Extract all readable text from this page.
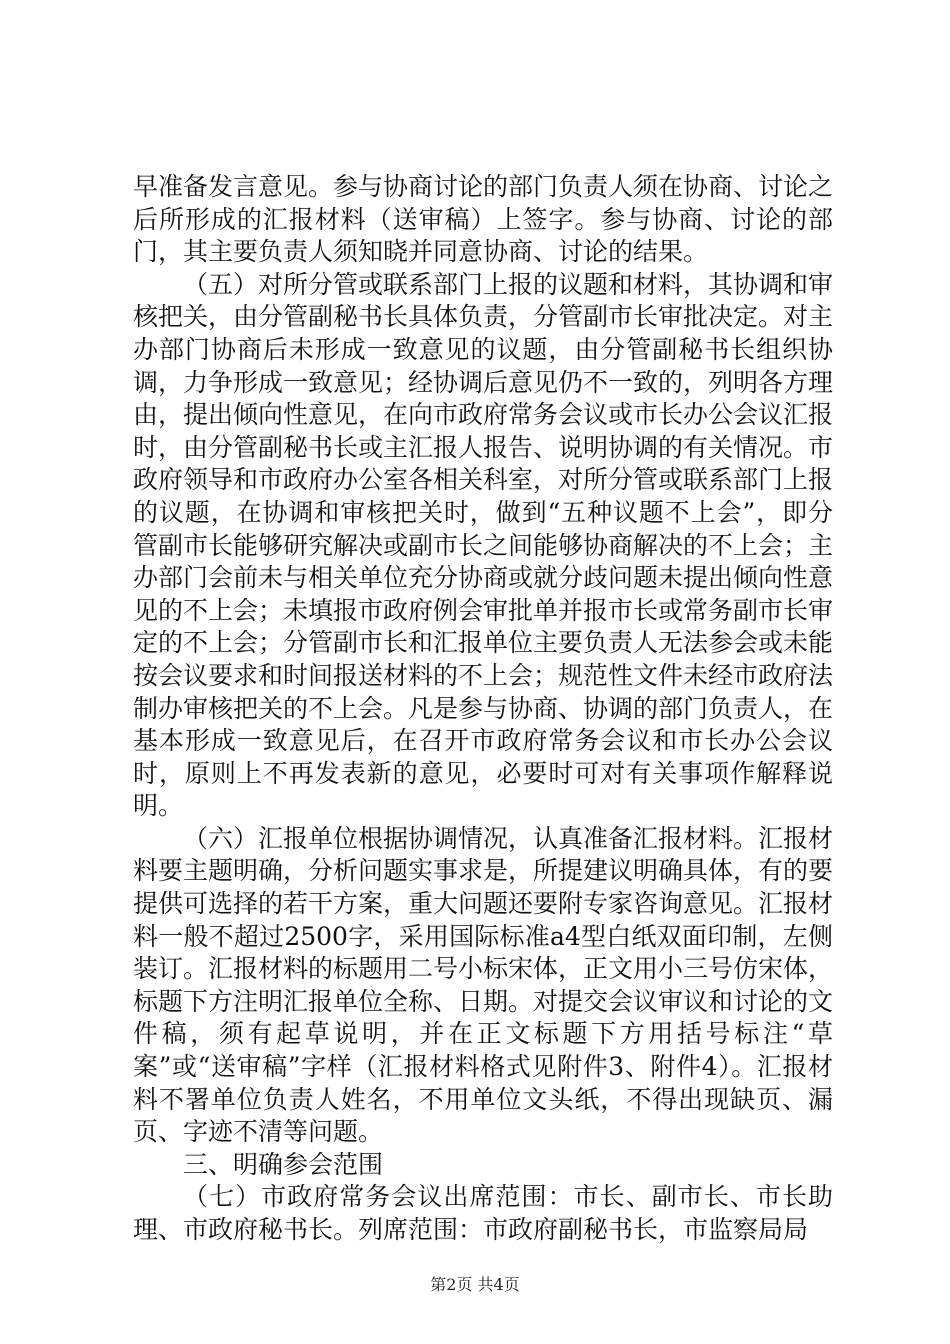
早准备发言意见。参与协商讨论的部门负责人须在协商、讨论之后所形成的汇报材料（送审稿）上签字。参与协商、讨论的部门，其主要负责人须知晓并同意协商、讨论的结果。

（五）对所分管或联系部门上报的议题和材料，其协调和审核把关，由分管副秘书长具体负责，分管副市长审批决定。对主办部门协商后未形成一致意见的议题，由分管副秘书长组织协调，力争形成一致意见；经协调后意见仍不一致的，列明各方理由，提出倾向性意见，在向市政府常务会议或市长办公会议汇报时，由分管副秘书长或主汇报人报告、说明协调的有关情况。市政府领导和市政府办公室各相关科室，对所分管或联系部门上报的议题，在协调和审核把关时，做到“五种议题不上会”，即分管副市长能够研究解决或副市长之间能够协商解决的不上会；主办部门会前未与相关单位充分协商或就分歧问题未提出倾向性意见的不上会；未填报市政府例会审批单并报市长或常务副市长审定的不上会；分管副市长和汇报单位主要负责人无法参会或未能按会议要求和时间报送材料的不上会；规范性文件未经市政府法制办审核把关的不上会。凡是参与协商、协调的部门负责人，在基本形成一致意见后，在召开市政府常务会议和市长办公会议时，原则上不再发表新的意见，必要时可对有关事项作解释说明。

（六）汇报单位根据协调情况，认真准备汇报材料。汇报材料要主题明确，分析问题实事求是，所提建议明确具体，有的要提供可选择的若干方案，重大问题还要附专家咨询意见。汇报材料一般不超过2500字，采用国际标准a4型白纸双面印制，左侧装订。汇报材料的标题用二号小标宋体，正文用小三号仿宋体，标题下方注明汇报单位全称、日期。对提交会议审议和讨论的文件稿，须有起草说明，并在正文标题下方用括号标注“草案”或“送审稿”字样（汇报材料格式见附件3、附件4）。汇报材料不署单位负责人姓名，不用单位文头纸，不得出现缺页、漏页、字迹不清等问题。

三、明确参会范围

（七）市政府常务会议出席范围：市长、副市长、市长助理、市政府秘书长。列席范围：市政府副秘书长，市监察局局

第2页 共4页
